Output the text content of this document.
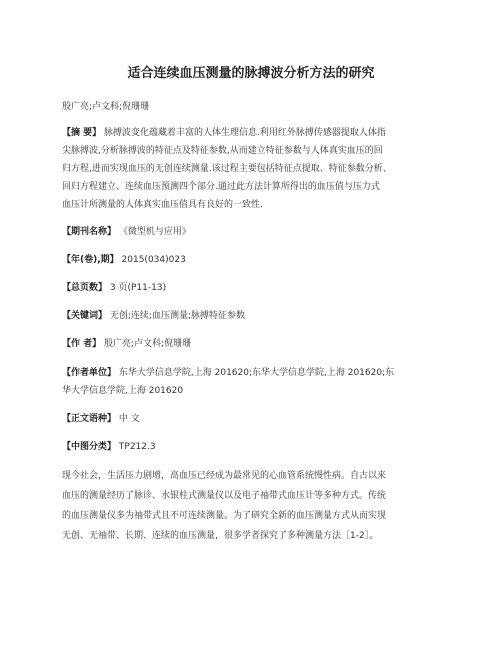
适合连续血压测量的脉搏波分析方法的研究
殷广亮;卢文科;倪珊珊
【摘 要】 脉搏波变化蕴藏着丰富的人体生理信息.利用红外脉搏传感器提取人体指
尖脉搏波,分析脉搏波的特征点及特征参数,从而建立特征参数与人体真实血压的回
归方程,进而实现血压的无创连续测量.该过程主要包括特征点提取、特征参数分析、
回归方程建立、连续血压预测四个部分.通过此方法计算所得出的血压值与压力式
血压计所测量的人体真实血压值具有良好的一致性.
【期刊名称】 《微型机与应用》
【年(卷),期】 2015(034)023
【总页数】 3 页(P11-13)
【关键词】 无创;连续;血压测量;脉搏特征参数
【作 者】 殷广亮;卢文科;倪珊珊
【作者单位】 东华大学信息学院,上海 201620;东华大学信息学院,上海 201620;东
华大学信息学院,上海 201620
【正文语种】 中 文
【中图分类】 TP212.3
现今社会，生活压力剧增，高血压已经成为最常见的心血管系统慢性病。自古以来
血压的测量经历了脉诊、水银柱式测量仪以及电子袖带式血压计等多种方式。传统
的血压测量仪多为袖带式且不可连续测量。为了研究全新的血压测量方式从而实现
无创、无袖带、长期、连续的血压测量，很多学者探究了多种测量方法［1-2］。
